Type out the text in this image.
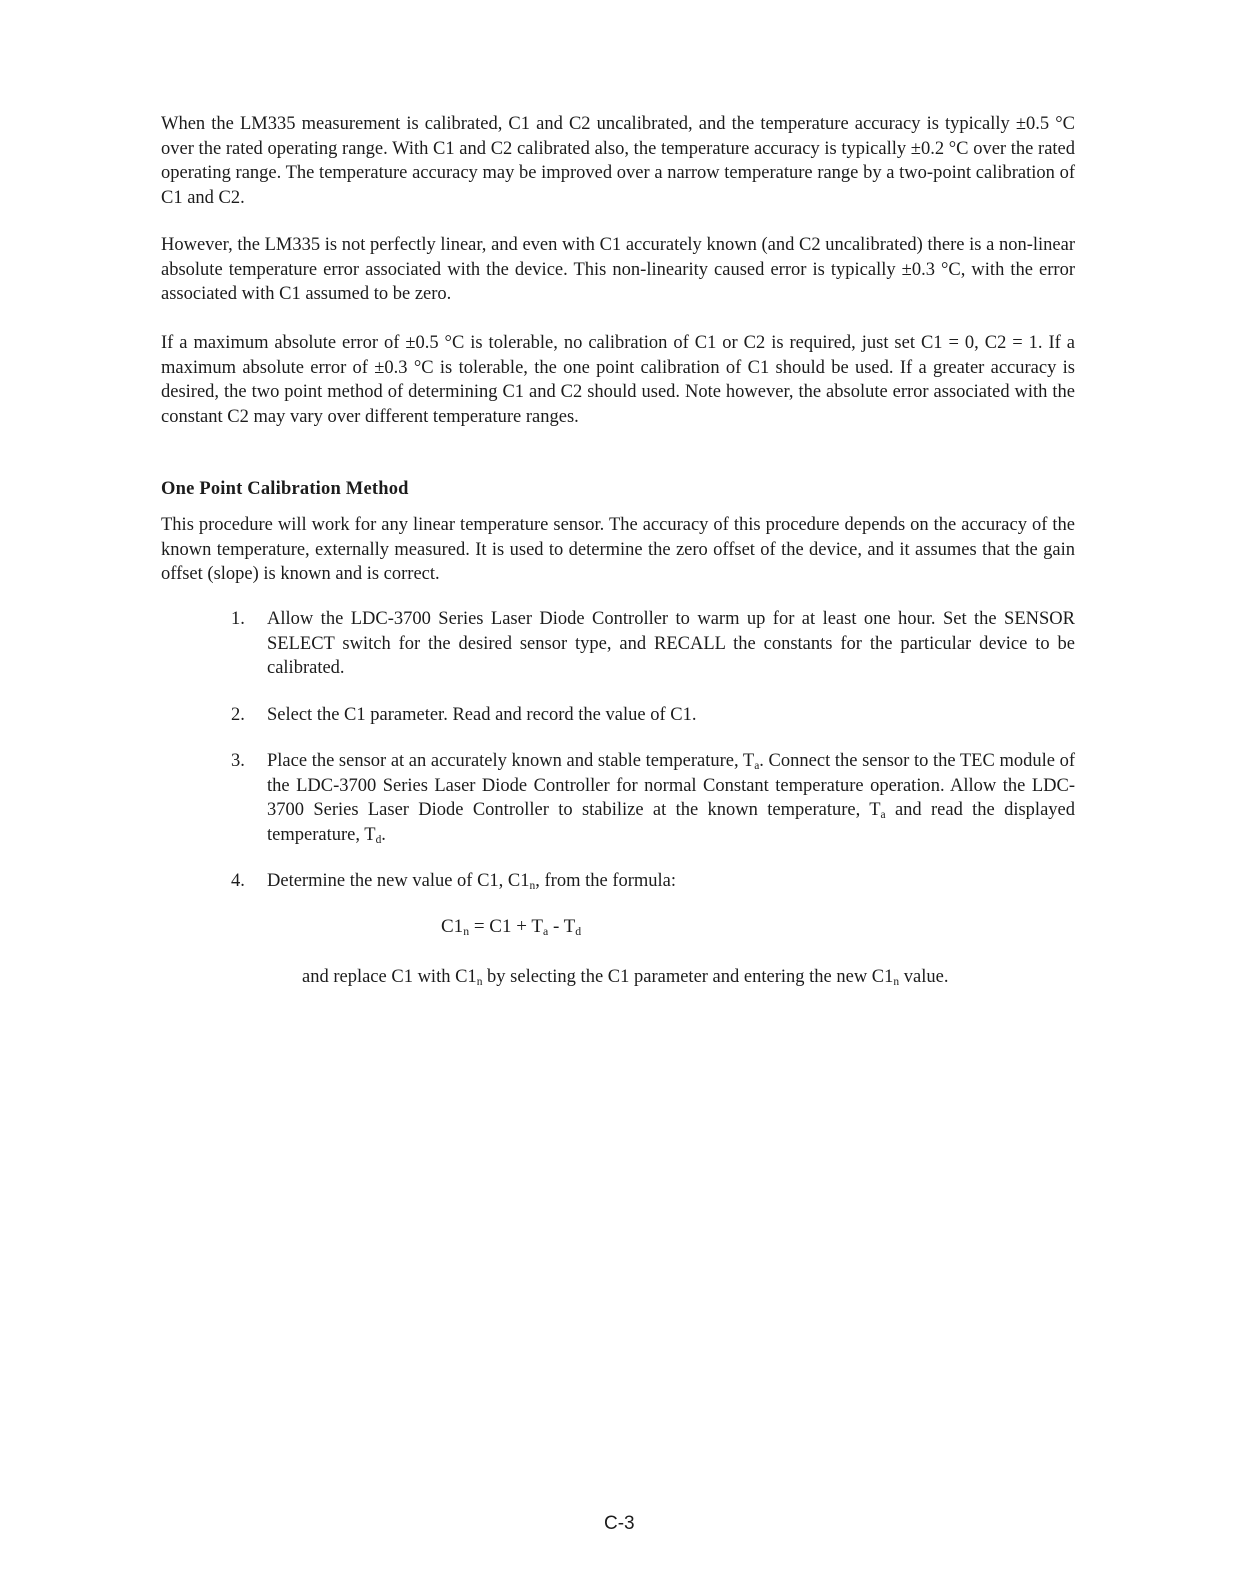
When the LM335 measurement is calibrated, C1 and C2 uncalibrated, and the temperature accuracy is typically ±0.5 °C over the rated operating range. With C1 and C2 calibrated also, the temperature accuracy is typically ±0.2 °C over the rated operating range. The temperature accuracy may be improved over a narrow temperature range by a two-point calibration of C1 and C2.

However, the LM335 is not perfectly linear, and even with C1 accurately known (and C2 uncalibrated) there is a non-linear absolute temperature error associated with the device. This non-linearity caused error is typically ±0.3 °C, with the error associated with C1 assumed to be zero.

If a maximum absolute error of ±0.5 °C is tolerable, no calibration of C1 or C2 is required, just set C1 = 0, C2 = 1. If a maximum absolute error of ±0.3 °C is tolerable, the one point calibration of C1 should be used. If a greater accuracy is desired, the two point method of determining C1 and C2 should used. Note however, the absolute error associated with the constant C2 may vary over different temperature ranges.

One Point Calibration Method

This procedure will work for any linear temperature sensor. The accuracy of this procedure depends on the accuracy of the known temperature, externally measured. It is used to determine the zero offset of the device, and it assumes that the gain offset (slope) is known and is correct.

1.	Allow the LDC-3700 Series Laser Diode Controller to warm up for at least one hour. Set the SENSOR SELECT switch for the desired sensor type, and RECALL the constants for the particular device to be calibrated.
2.	Select the C1 parameter. Read and record the value of C1.
3.	Place the sensor at an accurately known and stable temperature, $T_a$. Connect the sensor to the TEC module of the LDC-3700 Series Laser Diode Controller for normal Constant temperature operation. Allow the LDC-3700 Series Laser Diode Controller to stabilize at the known temperature, $T_a$ and read the displayed temperature, $T_d$.
4.	Determine the new value of C1, $C1_n$, from the formula:
$C1_n = C1 + T_a - T_d$
and replace C1 with $C1_n$ by selecting the C1 parameter and entering the new $C1_n$ value.
C-3
